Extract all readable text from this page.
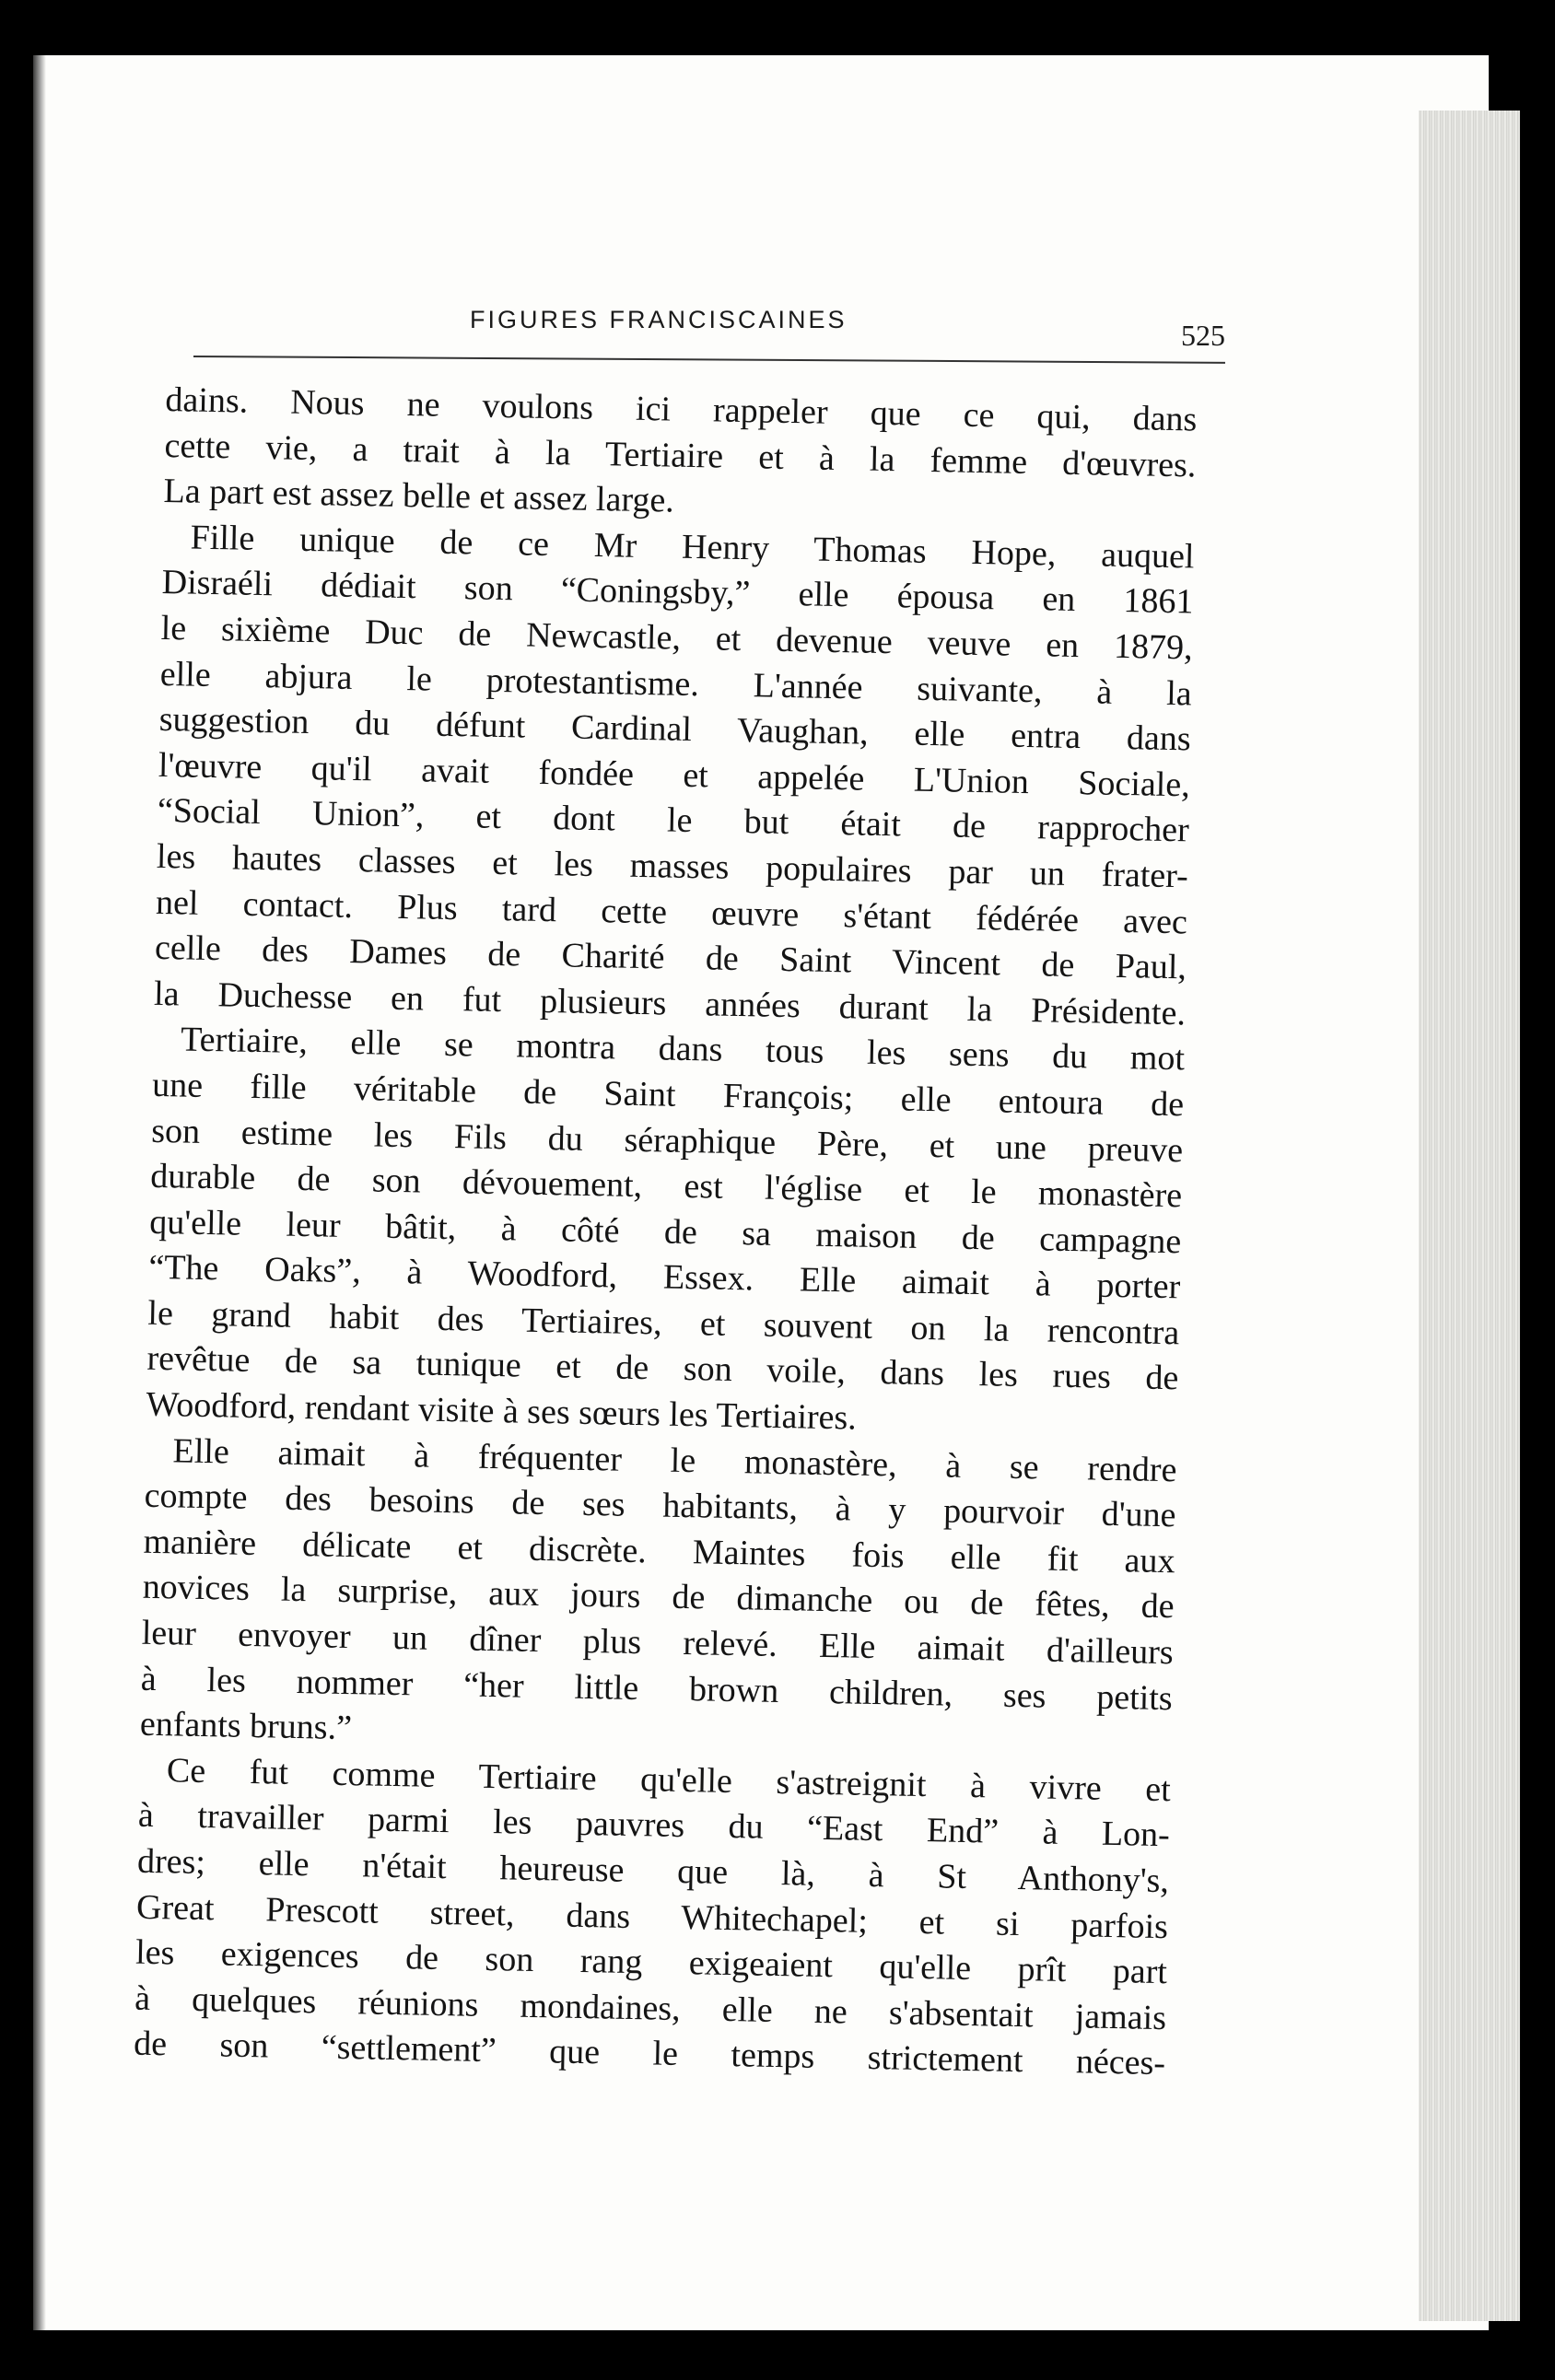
FIGURES FRANCISCAINES	525
dains. Nous ne voulons ici rappeler que ce qui, dans
cette vie, a trait à la Tertiaire et à la femme d'œuvres.
La part est assez belle et assez large.
Fille unique de ce Mr Henry Thomas Hope, auquel
Disraéli dédiait son “Coningsby,” elle épousa en 1861
le sixième Duc de Newcastle, et devenue veuve en 1879,
elle abjura le protestantisme. L'année suivante, à la
suggestion du défunt Cardinal Vaughan, elle entra dans
l'œuvre qu'il avait fondée et appelée L'Union Sociale,
“Social Union”, et dont le but était de rapprocher
les hautes classes et les masses populaires par un frater-
nel contact. Plus tard cette œuvre s'étant fédérée avec
celle des Dames de Charité de Saint Vincent de Paul,
la Duchesse en fut plusieurs années durant la Présidente.
Tertiaire, elle se montra dans tous les sens du mot
une fille véritable de Saint François; elle entoura de
son estime les Fils du séraphique Père, et une preuve
durable de son dévouement, est l'église et le monastère
qu'elle leur bâtit, à côté de sa maison de campagne
“The Oaks”, à Woodford, Essex. Elle aimait à porter
le grand habit des Tertiaires, et souvent on la rencontra
revêtue de sa tunique et de son voile, dans les rues de
Woodford, rendant visite à ses sœurs les Tertiaires.
Elle aimait à fréquenter le monastère, à se rendre
compte des besoins de ses habitants, à y pourvoir d'une
manière délicate et discrète. Maintes fois elle fit aux
novices la surprise, aux jours de dimanche ou de fêtes, de
leur envoyer un dîner plus relevé. Elle aimait d'ailleurs
à les nommer “her little brown children, ses petits
enfants bruns.”
Ce fut comme Tertiaire qu'elle s'astreignit à vivre et
à travailler parmi les pauvres du “East End” à Lon-
dres; elle n'était heureuse que là, à St Anthony's,
Great Prescott street, dans Whitechapel; et si parfois
les exigences de son rang exigeaient qu'elle prît part
à quelques réunions mondaines, elle ne s'absentait jamais
de son “settlement” que le temps strictement néces-
